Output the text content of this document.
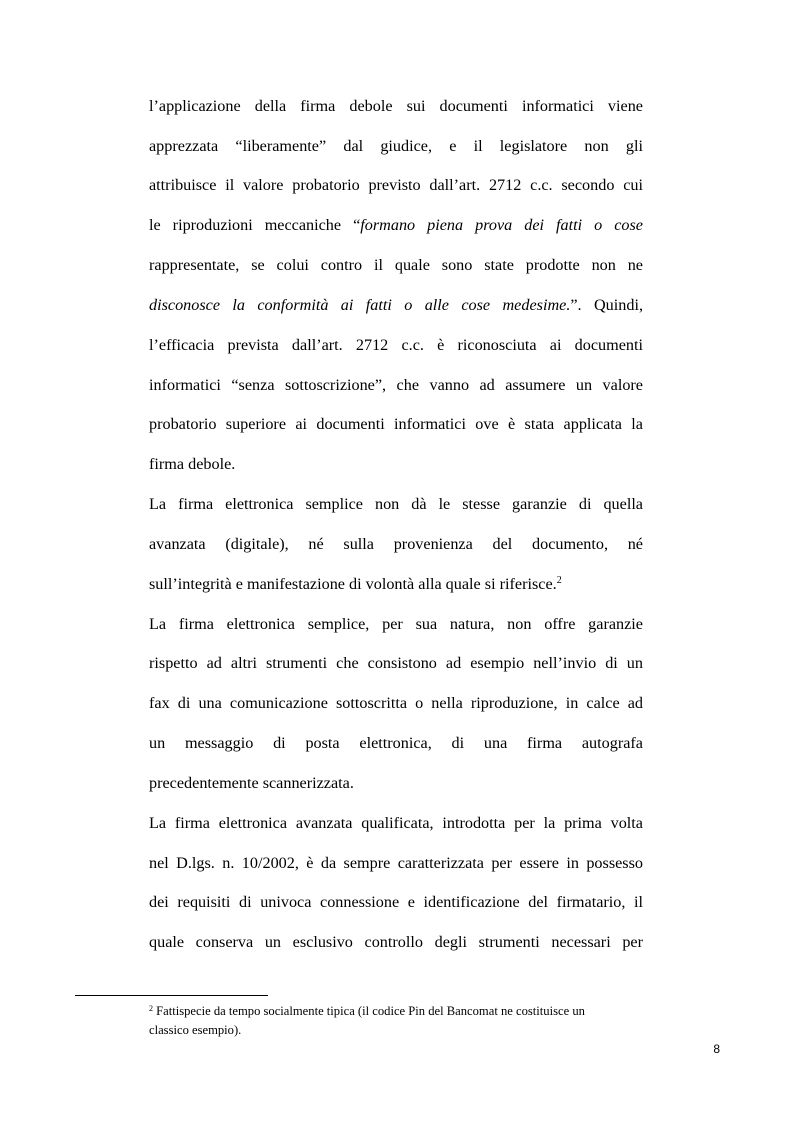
l’applicazione della firma debole sui documenti informatici viene
apprezzata “liberamente” dal giudice, e il legislatore non gli
attribuisce il valore probatorio previsto dall’art. 2712 c.c. secondo cui
le riproduzioni meccaniche “formano piena prova dei fatti o cose
rappresentate, se colui contro il quale sono state prodotte non ne
disconosce la conformità ai fatti o alle cose medesime.”. Quindi,
l’efficacia prevista dall’art. 2712 c.c. è riconosciuta ai documenti
informatici “senza sottoscrizione”, che vanno ad assumere un valore
probatorio superiore ai documenti informatici ove è stata applicata la
firma debole.
La firma elettronica semplice non dà le stesse garanzie di quella
avanzata (digitale), né sulla provenienza del documento, né
sull’integrità e manifestazione di volontà alla quale si riferisce.$^2$
La firma elettronica semplice, per sua natura, non offre garanzie
rispetto ad altri strumenti che consistono ad esempio nell’invio di un
fax di una comunicazione sottoscritta o nella riproduzione, in calce ad
un messaggio di posta elettronica, di una firma autografa
precedentemente scannerizzata.
La firma elettronica avanzata qualificata, introdotta per la prima volta
nel D.lgs. n. 10/2002, è da sempre caratterizzata per essere in possesso
dei requisiti di univoca connessione e identificazione del firmatario, il
quale conserva un esclusivo controllo degli strumenti necessari per
$^2$ Fattispecie da tempo socialmente tipica (il codice Pin del Bancomat ne costituisce un
classico esempio).
8
